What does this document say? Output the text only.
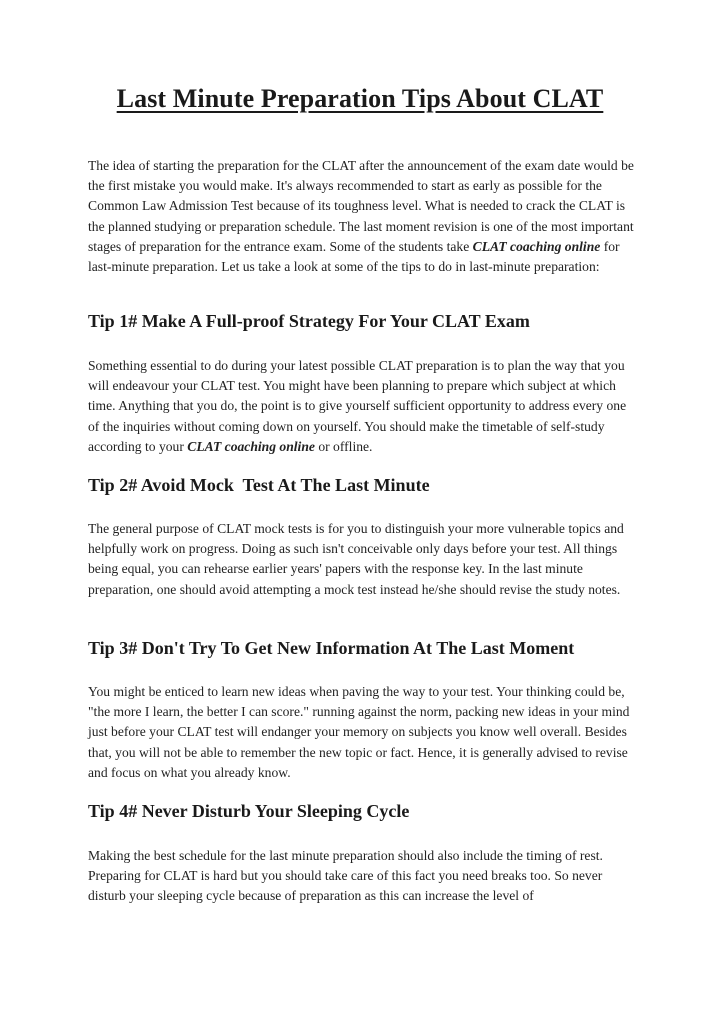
Last Minute Preparation Tips About CLAT

The idea of starting the preparation for the CLAT after the announcement of the exam date would be the first mistake you would make. It's always recommended to start as early as possible for the Common Law Admission Test because of its toughness level. What is needed to crack the CLAT is the planned studying or preparation schedule. The last moment revision is one of the most important stages of preparation for the entrance exam. Some of the students take CLAT coaching online for last-minute preparation. Let us take a look at some of the tips to do in last-minute preparation:

Tip 1# Make A Full-proof Strategy For Your CLAT Exam

Something essential to do during your latest possible CLAT preparation is to plan the way that you will endeavour your CLAT test. You might have been planning to prepare which subject at which time. Anything that you do, the point is to give yourself sufficient opportunity to address every one of the inquiries without coming down on yourself. You should make the timetable of self-study according to your CLAT coaching online or offline.

Tip 2# Avoid Mock  Test At The Last Minute

The general purpose of CLAT mock tests is for you to distinguish your more vulnerable topics and helpfully work on progress. Doing as such isn't conceivable only days before your test. All things being equal, you can rehearse earlier years' papers with the response key. In the last minute preparation, one should avoid attempting a mock test instead he/she should revise the study notes.

Tip 3# Don't Try To Get New Information At The Last Moment

You might be enticed to learn new ideas when paving the way to your test. Your thinking could be, "the more I learn, the better I can score." running against the norm, packing new ideas in your mind just before your CLAT test will endanger your memory on subjects you know well overall. Besides that, you will not be able to remember the new topic or fact. Hence, it is generally advised to revise and focus on what you already know.

Tip 4# Never Disturb Your Sleeping Cycle

Making the best schedule for the last minute preparation should also include the timing of rest. Preparing for CLAT is hard but you should take care of this fact you need breaks too. So never disturb your sleeping cycle because of preparation as this can increase the level of
